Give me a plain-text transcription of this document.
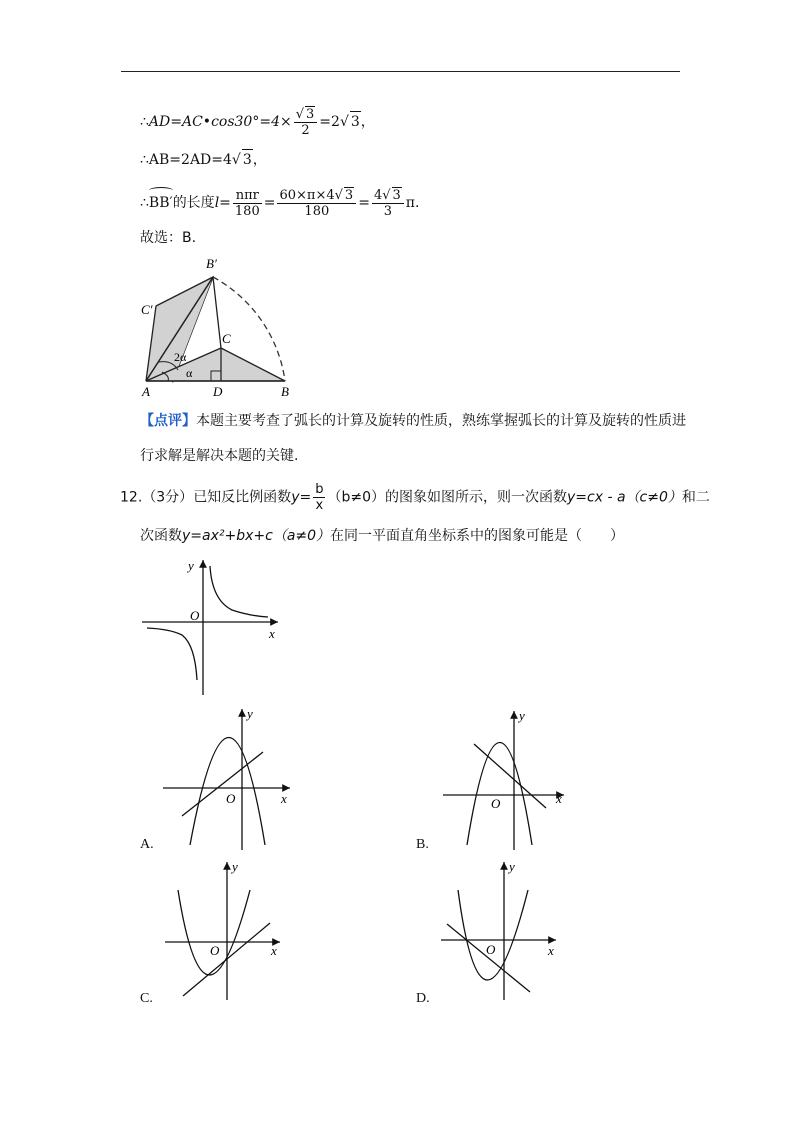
∴AD=AC•cos30°=4× $\frac{√ 3}{2} =2√$ 3，
∴AB=2AD=4√ 3，
∴
BB′的长度$l= \frac{\text{nπr}}{180} = \frac{60\times\pi\times 4√ 3}{180} = \frac{4√ 3}{3} \pi$.
故选：B.
B′
C′
C
A	D	B
2α
α
【点评】本题主要考查了弧长的计算及旋转的性质，熟练掌握弧长的计算及旋转的性质进
行求解是解决本题的关键.
12.（3分）已知反比例函数$y= \frac{b}{x} (b\ne 0)$的图象如图所示，则一次函数y=cx - a（c≠0）和二
次函数y=ax²+bx+c（a≠0）在同一平面直角坐标系中的图象可能是（　　）
y
O
x
y
O	x
A.
y
O	x
B.
y
O	x
C.
y
O	x
D.
